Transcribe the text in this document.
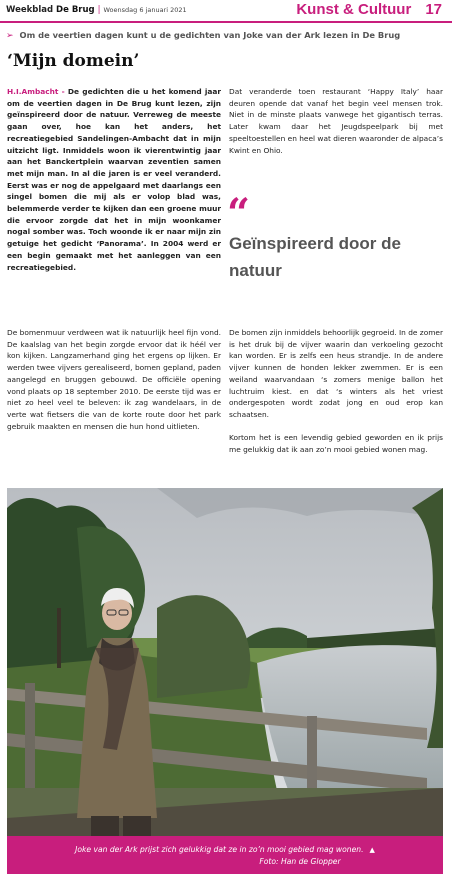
Weekblad De Brug | Woensdag 6 januari 2021	Kunst & Cultuur 17
➢ Om de veertien dagen kunt u de gedichten van Joke van der Ark lezen in De Brug
‘Mijn domein’

H.I.Ambacht - De gedichten die u het komend jaar om de veertien dagen in De Brug kunt lezen, zijn geïnspireerd door de natuur. Verreweg de meeste gaan over, hoe kan het anders, het recreatiegebied Sandelingen-Ambacht dat in mijn uitzicht ligt. Inmiddels woon ik vierentwintig jaar aan het Banckertplein waarvan zeventien samen met mijn man. In al die jaren is er veel veranderd. Eerst was er nog de appelgaard met daarlangs een singel bomen die mij als er volop blad was, belemmerde verder te kijken dan een groene muur die ervoor zorgde dat het in mijn woonkamer nogal somber was. Toch woonde ik er naar mijn zin getuige het gedicht ‘Panorama’. In 2004 werd er een begin gemaakt met het aanleggen van een recreatiegebied.

De bomenmuur verdween wat ik natuurlijk heel fijn vond. De kaalslag van het begin zorgde ervoor dat ik héél ver kon kijken. Langzamerhand ging het ergens op lijken. Er werden twee vijvers gerealiseerd, bomen gepland, paden aangelegd en bruggen gebouwd. De officiële opening vond plaats op 18 september 2010. De eerste tijd was er niet zo heel veel te beleven: ik zag wandelaars, in de verte wat fietsers die van de korte route door het park gebruik maakten en mensen die hun hond uitlieten.

Dat veranderde toen restaurant ‘Happy Italy’ haar deuren opende dat vanaf het begin veel mensen trok. Niet in de minste plaats vanwege het gigantisch terras. Later kwam daar het Jeugdspeelpark bij met speeltoestellen en heel wat dieren waaronder de alpaca’s Kwint en Ohio.

“
Geïnspireerd door de natuur

De bomen zijn inmiddels behoorlijk gegroeid. In de zomer is het druk bij de vijver waarin dan verkoeling gezocht kan worden. Er is zelfs een heus strandje. In de andere vijver kunnen de honden lekker zwemmen. Er is een weiland waarvandaan ‘s zomers menige ballon het luchtruim kiest. en dat ‘s winters als het vriest ondergespoten wordt zodat jong en oud erop kan schaatsen.

Kortom het is een levendig gebied geworden en ik prijs me gelukkig dat ik aan zo’n mooi gebied wonen mag.

Joke van der Ark prijst zich gelukkig dat ze in zo’n mooi gebied mag wonen. ▲
Foto: Han de Glopper
